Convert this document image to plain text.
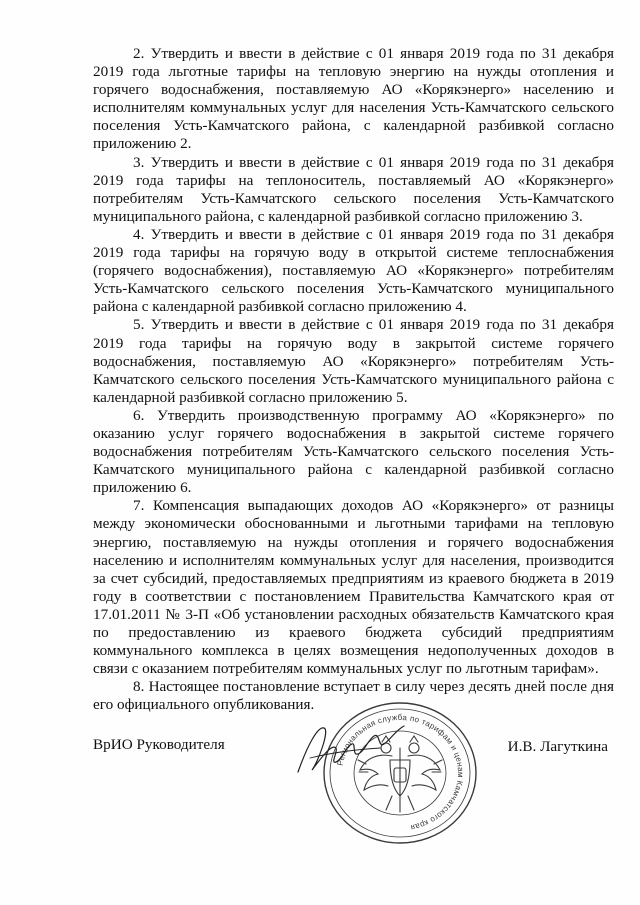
2. Утвердить и ввести в действие с 01 января 2019 года по 31 декабря 2019 года льготные тарифы на тепловую энергию на нужды отопления и горячего водоснабжения, поставляемую АО «Корякэнерго» населению и исполнителям коммунальных услуг для населения Усть-Камчатского сельского поселения Усть-Камчатского района, с календарной разбивкой согласно приложению 2.

3. Утвердить и ввести в действие с 01 января 2019 года по 31 декабря 2019 года тарифы на теплоноситель, поставляемый АО «Корякэнерго» потребителям Усть-Камчатского сельского поселения Усть-Камчатского муниципального района, с календарной разбивкой согласно приложению 3.

4. Утвердить и ввести в действие с 01 января 2019 года по 31 декабря 2019 года тарифы на горячую воду в открытой системе теплоснабжения (горячего водоснабжения), поставляемую АО «Корякэнерго» потребителям Усть-Камчатского сельского поселения Усть-Камчатского муниципального района с календарной разбивкой согласно приложению 4.

5. Утвердить и ввести в действие с 01 января 2019 года по 31 декабря 2019 года тарифы на горячую воду в закрытой системе горячего водоснабжения, поставляемую АО «Корякэнерго» потребителям Усть-Камчатского сельского поселения Усть-Камчатского муниципального района с календарной разбивкой согласно приложению 5.

6. Утвердить производственную программу АО «Корякэнерго» по оказанию услуг горячего водоснабжения в закрытой системе горячего водоснабжения потребителям Усть-Камчатского сельского поселения Усть-Камчатского муниципального района с календарной разбивкой согласно приложению 6.

7. Компенсация выпадающих доходов АО «Корякэнерго» от разницы между экономически обоснованными и льготными тарифами на тепловую энергию, поставляемую на нужды отопления и горячего водоснабжения населению и исполнителям коммунальных услуг для населения, производится за счет субсидий, предоставляемых предприятиям из краевого бюджета в 2019 году в соответствии с постановлением Правительства Камчатского края от 17.01.2011 № 3-П «Об установлении расходных обязательств Камчатского края по предоставлению из краевого бюджета субсидий предприятиям коммунального комплекса в целях возмещения недополученных доходов в связи с оказанием потребителям коммунальных услуг по льготным тарифам».

8. Настоящее постановление вступает в силу через десять дней после дня его официального опубликования.

ВрИО Руководителя
Региональная служба по тарифам и ценам Камчатского края
И.В. Лагуткина
